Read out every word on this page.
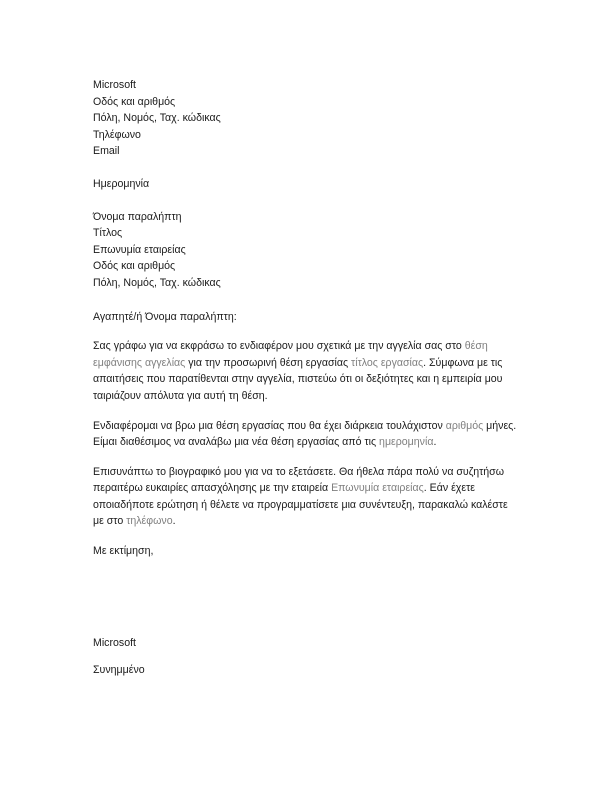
Microsoft
Οδός και αριθμός
Πόλη, Νομός, Ταχ. κώδικας
Τηλέφωνο
Email
Ημερομηνία
Όνομα παραλήπτη
Τίτλος
Επωνυμία εταιρείας
Οδός και αριθμός
Πόλη, Νομός, Ταχ. κώδικας
Αγαπητέ/ή Όνομα παραλήπτη:
Σας γράφω για να εκφράσω το ενδιαφέρον μου σχετικά με την αγγελία σας στο θέση
εμφάνισης αγγελίας για την προσωρινή θέση εργασίας τίτλος εργασίας. Σύμφωνα με τις
απαιτήσεις που παρατίθενται στην αγγελία, πιστεύω ότι οι δεξιότητες και η εμπειρία μου
ταιριάζουν απόλυτα για αυτή τη θέση.
Ενδιαφέρομαι να βρω μια θέση εργασίας που θα έχει διάρκεια τουλάχιστον αριθμός μήνες.
Είμαι διαθέσιμος να αναλάβω μια νέα θέση εργασίας από τις ημερομηνία.
Επισυνάπτω το βιογραφικό μου για να το εξετάσετε. Θα ήθελα πάρα πολύ να συζητήσω
περαιτέρω ευκαιρίες απασχόλησης με την εταιρεία Επωνυμία εταιρείας. Εάν έχετε
οποιαδήποτε ερώτηση ή θέλετε να προγραμματίσετε μια συνέντευξη, παρακαλώ καλέστε
με στο τηλέφωνο.
Με εκτίμηση,
Microsoft
Συνημμένο
